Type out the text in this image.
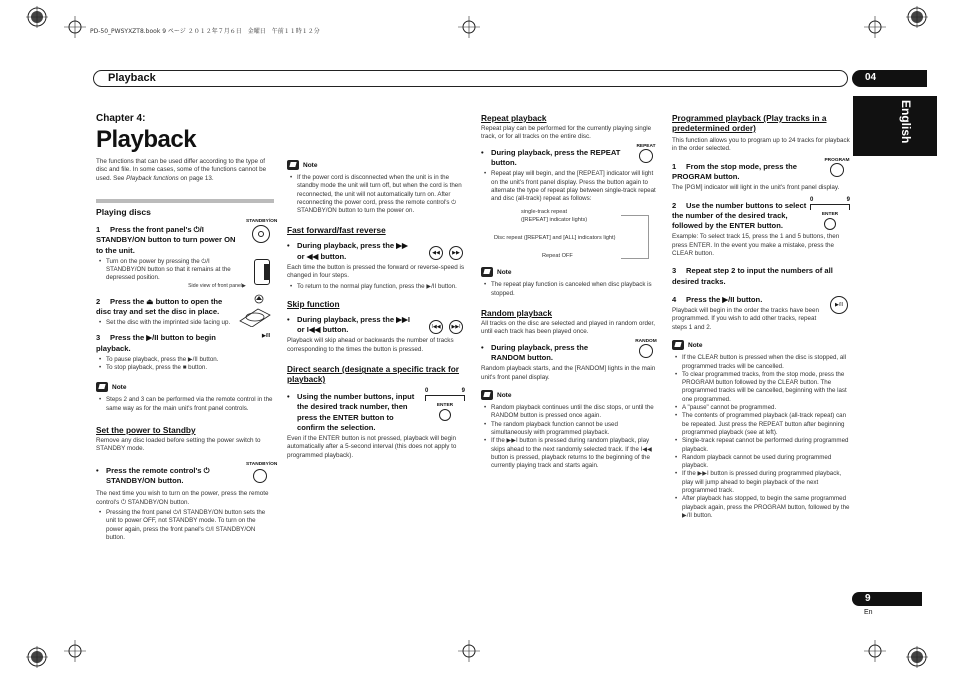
PD-50_PWSYXZT8.book 9 ページ ２０１２年７月６日　金曜日　午前１１時１２分
Playback	04
English
9
En
Chapter 4:
Playback
The functions that can be used differ according to the type of disc and file. In some cases, some of the functions cannot be used. See Playback functions on page 13.
Playing discs
1 Press the front panel's ⏻/I STANDBY/ON button to turn power ON to the unit.
STANDBY/ON
• Turn on the power by pressing the ⏻/I STANDBY/ON button so that it remains at the depressed position.
Side view of front panel▶
2 Press the ⏏ button to open the disc tray and set the disc in place.
• Set the disc with the imprinted side facing up.
3 Press the ▶/II button to begin playback.
▶/II
• To pause playback, press the ▶/II button.
• To stop playback, press the ■ button.
Note
• Steps 2 and 3 can be performed via the remote control in the same way as for the main unit's front panel controls.
Set the power to Standby
Remove any disc loaded before setting the power switch to STANDBY mode.
• Press the remote control's ⏻ STANDBY/ON button.
STANDBY/ON
The next time you wish to turn on the power, press the remote control's ⏻ STANDBY/ON button.
• Pressing the front panel ⏻/I STANDBY/ON button sets the unit to power OFF, not STANDBY mode. To turn on the power again, press the front panel's ⏻/I STANDBY/ON button.
Note
• If the power cord is disconnected when the unit is in the standby mode the unit will turn off, but when the cord is then reconnected, the unit will not automatically turn on. After reconnecting the power cord, press the remote control's ⏻ STANDBY/ON button to turn the power on.
Fast forward/fast reverse
• During playback, press the ▶▶ or ◀◀ button.	◀◀	▶▶
Each time the button is pressed the forward or reverse-speed is changed in four steps.
• To return to the normal play function, press the ▶/II button.
Skip function
• During playback, press the ▶▶I or I◀◀ button.	I◀◀	▶▶I
Playback will skip ahead or backwards the number of tracks corresponding to the times the button is pressed.
Direct search (designate a specific track for playback)
• Using the number buttons, input the desired track number, then press the ENTER button to confirm the selection.
0	9
ENTER
Even if the ENTER button is not pressed, playback will begin automatically after a 5-second interval (this does not apply to programmed playback).
Repeat playback
Repeat play can be performed for the currently playing single track, or for all tracks on the entire disc.
• During playback, press the REPEAT button.
REPEAT
• Repeat play will begin, and the [REPEAT] indicator will light on the unit's front panel display. Press the button again to alternate the type of repeat play between single-track repeat and disc (all-track) repeat as follows:
single-track repeat
([REPEAT] indicator lights)
Disc repeat ([REPEAT] and [ALL] indicators light)
Repeat OFF
Note
• The repeat play function is canceled when disc playback is stopped.
Random playback
All tracks on the disc are selected and played in random order, until each track has been played once.
• During playback, press the RANDOM button.
RANDOM
Random playback starts, and the [RANDOM] lights in the main unit's front panel display.
Note
• Random playback continues until the disc stops, or until the RANDOM button is pressed once again.
• The random playback function cannot be used simultaneously with programmed playback.
• If the ▶▶I button is pressed during random playback, play skips ahead to the next randomly selected track. If the I◀◀ button is pressed, playback returns to the beginning of the currently playing track and starts again.
Programmed playback (Play tracks in a predetermined order)
This function allows you to program up to 24 tracks for playback in the order selected.
1 From the stop mode, press the PROGRAM button.
PROGRAM
The [PGM] indicator will light in the unit's front panel display.
2 Use the number buttons to select the number of the desired track, followed by the ENTER button.
0	9
ENTER
Example: To select track 15, press the 1 and 5 buttons, then press ENTER. In the event you make a mistake, press the CLEAR button.
3 Repeat step 2 to input the numbers of all desired tracks.
4 Press the ▶/II button.
▶/II
Playback will begin in the order the tracks have been programmed. If you wish to add other tracks, repeat steps 1 and 2.
Note
• If the CLEAR button is pressed when the disc is stopped, all programmed tracks will be cancelled.
• To clear programmed tracks, from the stop mode, press the PROGRAM button followed by the CLEAR button. The programmed tracks will be cancelled, beginning with the last one programmed.
• A "pause" cannot be programmed.
• The contents of programmed playback (all-track repeat) can be repeated. Just press the REPEAT button after beginning programmed playback (see at left).
• Single-track repeat cannot be performed during programmed playback.
• Random playback cannot be used during programmed playback.
• If the ▶▶I button is pressed during programmed playback, play will jump ahead to begin playback of the next programmed track.
• After playback has stopped, to begin the same programmed playback again, press the PROGRAM button, followed by the ▶/II button.
